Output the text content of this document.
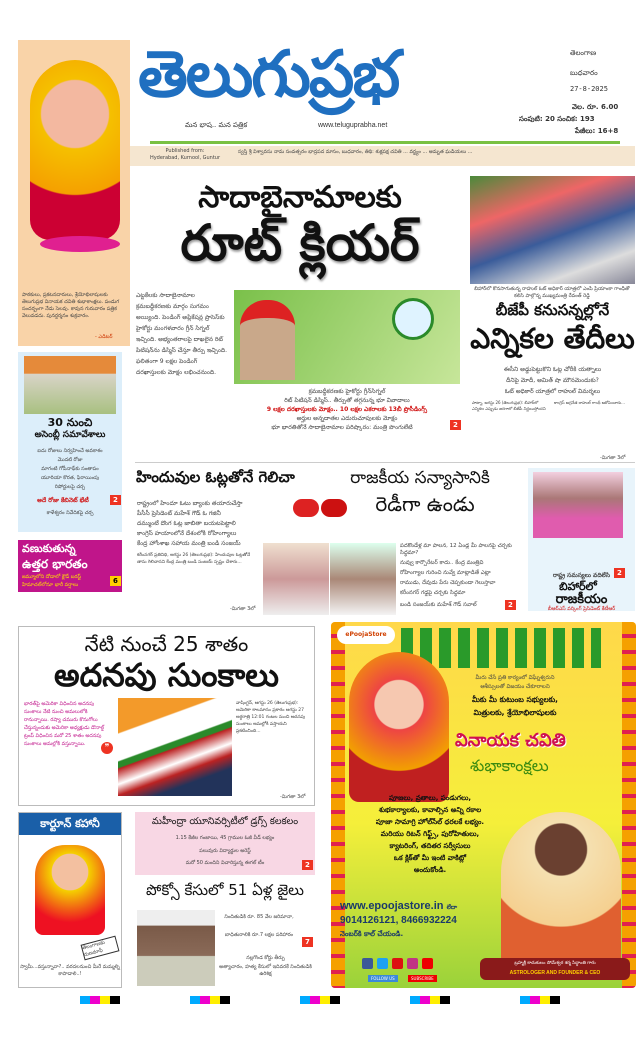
తెలుగుప్రభ
మన భాష.. మన పత్రిక	www.teluguprabha.net
తెలంగాణ
బుధవారం
27-8-2025
వెల. రూ. 6.00
సంపుటి: 20 సంచిక: 193
పేజీలు: 16+8
Published from:
Hyderabad, Kurnool, Guntur
స్వస్తి శ్రీ విశ్వావసు నామ సంవత్సరం భాద్రపద మాసం, బుధవారం, తిథి: శుక్లపక్ష చవితి ... వర్జ్యం ... అమృత ఘడియలు ...
పాఠకులు, ప్రకటనదారులు, శ్రేయోభిలాషులకు తెలుగుప్రభ వినాయక చవితి శుభాకాంక్షలు. పండుగ సందర్భంగా నేడు సెలవు. కావున గురువారం పత్రిక వెలువడదు. పునర్దర్శనం శుక్రవారం.
- ఎడిటర్
సాదాబైనామాలకు
రూట్ క్లియర్
ఎట్టకేలకు సాదాబైనామాల క్రమబద్ధీకరణకు మార్గం సుగమం అయ్యింది. పెండింగ్ అప్లికేషన్ల ప్రాసెస్‌కు హైకోర్టు మంగళవారం గ్రీన్ సిగ్నల్ ఇచ్చింది. అభ్యంతరాలపై దాఖలైన రిట్ పిటిషన్‌ను డిస్మిస్ చేస్తూ తీర్పు ఇచ్చింది. ఫలితంగా 9 లక్షల పెండింగ్ దరఖాస్తులకు మోక్షం లభించనుంది.
క్రమబద్ధీకరణకు హైకోర్టు గ్రీన్‌సిగ్నల్
రిట్ పిటిషన్ డిస్మిస్.. తీర్పుతో తగ్గనున్న భూ వివాదాలు
9 లక్షల దరఖాస్తులకు మోక్షం.. 10 లక్షల ఎకరాలకు 13బీ ప్రొసీడింగ్స్
అర్హుల అన్నదాతల ఎదురుచూపులకు మోక్షం
భూ భారతితోనే సాదాబైనామాల పరిష్కారం: మంత్రి పొంగులేటి	2
బీహార్‌లో కొనసాగుతున్న రాహుల్ ఓట్ అధికార్ యాత్రలో ఎంపీ ప్రియాంకా గాంధీతో కలిసి పాల్గొన్న ముఖ్యమంత్రి రేవంత్ రెడ్డి
బీజేపీ కనుసన్నల్లోనే
ఎన్నికల తేదీలు
ఈసీని అడ్డుపెట్టుకొని ఓట్ల చోరీకి యత్నాలు
దీనిపై మోదీ, అమిత్ షా మౌనమెందుకు?
ఓట్ అధికార్ యాత్రలో రాహుల్ విమర్శలు
పాట్నా, ఆగస్టు 26 (తెలుగుప్రభ): బీహార్‌లో ఎన్నికల ఎప్పుడు జరగాలో బీజేపీ నిర్ణయిస్తోందని కాంగ్రెస్ అగ్రనేత రాహుల్ గాంధీ ఆరోపించారు...
-మిగతా 3లో
30 నుంచి
అసెంబ్లీ సమావేశాలు
ఐదు రోజులు నిర్వహించే అవకాశం
మొదటి రోజు
మాగంటి గోపీనాథ్‌కు సంతాపం
యూరియా కొరత, ఫిరాయింపు
రిపోర్టులపై చర్చ
అదే రోజు కేబినెట్ భేటీ	2
కాళేశ్వరం నివేదికపై చర్చ
వణుకుతున్న
ఉత్తర భారతం
జమ్మూలోని దోడాలో క్లౌడ్ బరస్ట్
హిమాచల్‌లోనూ భారీ వర్షాలు	6
హిందువుల ఓట్లతోనే గెలిచా
రాష్ట్రంలో హిందూ ఓటు బ్యాంకు తయారుచేస్తా
పీసీసీ ప్రెసిడెంట్ మహేశ్ గౌడ్ ఓ గజినీ
దమ్ముంటే దొంగ ఓట్ల జాబితా బయటపెట్టాలి
కాంగ్రెస్ హయాంలోనే దేశంలోకి రోహింగ్యాలు
కేంద్ర హోంశాఖ సహాయ మంత్రి బండి సంజయ్
కరీంనగర్ ప్రతినిధి, ఆగస్టు 26 (తెలుగుప్రభ): హిందువుల ఓట్లతోనే తాను గెలిచానని కేంద్ర మంత్రి బండి సంజయ్ స్పష్టం చేశారు...
-మిగతా 3లో
రాజకీయ సన్యాసానికి
రెడీగా ఉండు
పదకొండేళ్ల మా పాలన, 12 ఏండ్ల మీ పాలనపై చర్చకు సిద్ధమా?
నువ్వు కార్పొరేటర్ కాదు.. కేంద్ర మంత్రివి
రోహింగ్యాల గురించి నువ్వే మాట్లాడితే ఎట్లా
రాముడు, దేవుడు పేరు చెప్పకుండా గెలుస్తావా
కరీంనగర్ గడ్డపై చర్చకు సిద్ధమా
బండి సంజయ్‌కు మహేశ్ గౌడ్ సవాల్	2
రాష్ట్ర సమస్యలు వదిలేసి
బిహార్‌లో
రాజకీయం
బీఆర్ఎస్ వర్కింగ్ ప్రెసిడెంట్ కేటీఆర్
2
నేటి నుంచే 25 శాతం
అదనపు సుంకాలు
భారత్‌పై అమెరికా విధించిన అదనపు సుంకాలు నేటి నుంచి అమలులోకి రానున్నాయి. రష్యా చమురు కొనుగోలు చేస్తున్నందుకు అమెరికా అధ్యక్షుడు డొనాల్డ్ ట్రంప్ విధించిన మరో 25 శాతం అదనపు సుంకాలు అమల్లోకి వస్తున్నాయి.	❞
వాషింగ్టన్, ఆగస్టు 26 (తెలుగుప్రభ): అమెరికా కాలమానం ప్రకారం ఆగస్టు 27 అర్ధరాత్రి 12:01 గంటల నుంచి అదనపు సుంకాలు అమల్లోకి వస్తాయని ప్రకటించింది...
-మిగతా 3లో
కార్టూన్ కహానీ
తెలంగాణకు రుణమాఫీ
స్వామీ...వస్తున్నావా?.. వరదలనుంచి మీరే మమ్మల్ని కాపాడాలి..!
మహీంద్రా యూనివర్సిటీలో డ్రగ్స్ కలకలం
1.15 కేజీల గంజాయి, 45 గ్రాముల ఓజీ వీడ్ లభ్యం
పలువురు విద్యార్థుల అరెస్ట్
మరో 50 మందిని విచారిస్తున్న ఈగల్ టీం	2
పోక్సో కేసులో 51 ఏళ్ల జైలు
నిందితుడికి రూ. 85 వేల జరిమానా,
బాధితురాలికి రూ.7 లక్షల పరిహారం
నల్లగొండ కోర్టు తీర్పు
అత్యాచారం, హత్య కేసులో ఇదివరకే నిందితుడికి ఉరిశిక్ష
7
ePoojaStore
మీరు చేసే ప్రతి కార్యంలో విఘ్నేశ్వరుని
ఆశీస్సులతో విజయం చేకూరాలని
మీకు మీ కుటుంబ సభ్యులకు,
మిత్రులకు, శ్రేయోభిలాషులకు
వినాయక చవితి
శుభాకాంక్షలు
పూజలు, వ్రతాలు, పండుగలు,
శుభకార్యాలకు, కావాల్సిన అన్ని రకాల
పూజా సామాగ్రి హోల్‌సేల్ ధరలకే లభ్యం.
మరియు రిటన్ గిఫ్ట్స్, పురోహితులు,
క్యాటరింగ్, తదితర సర్వీసులు
ఒక క్లిక్‌తో మీ ఇంటి వాకిట్లో
అందుకోండి.
www.epoojastore.in లేదా
9014126121, 8466932224
నెంబర్‌కి కాల్ చేయండి.
FOLLOW US	SUBSCRIBE
బ్రహ్మశ్రీ కాదుకులం సోమేశ్వర శర్మ సిద్ధాంతి గారు
ASTROLOGER AND FOUNDER & CEO
